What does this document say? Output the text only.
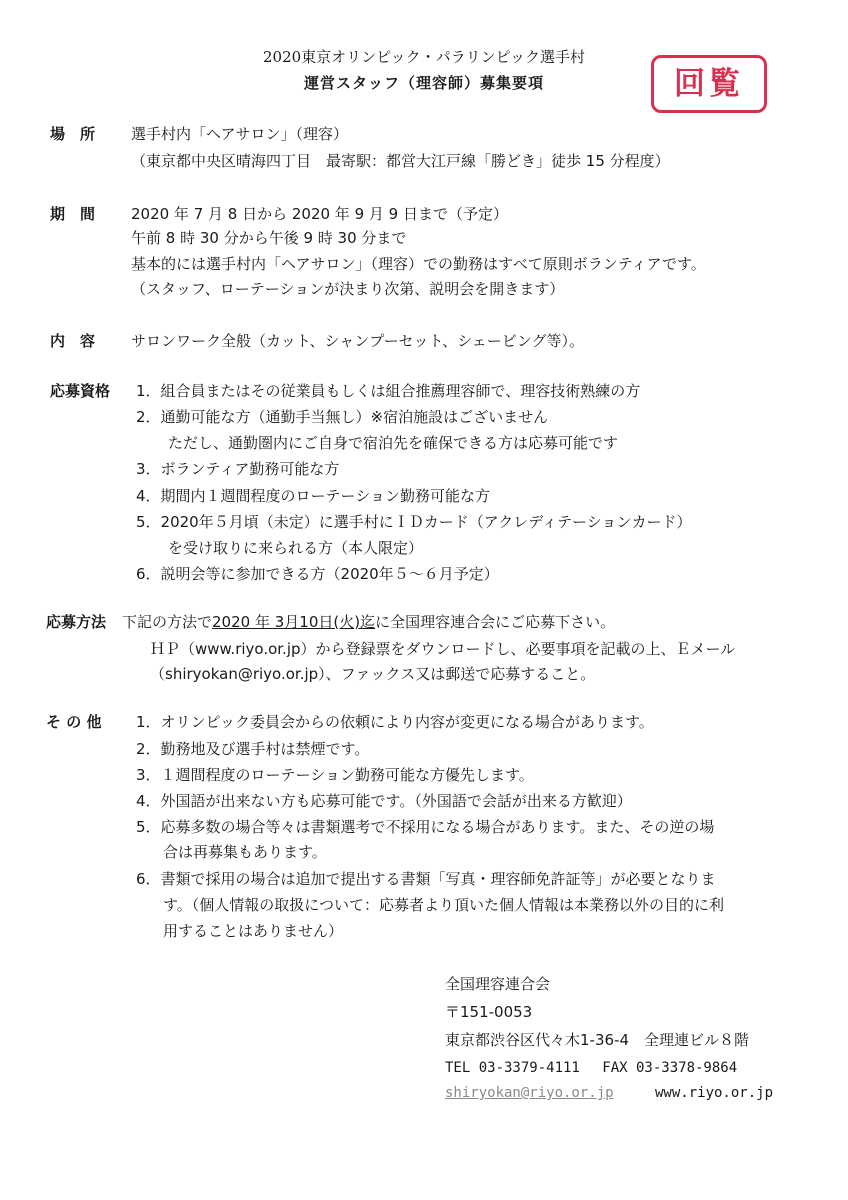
2020東京オリンピック・パラリンピック選手村
運営スタッフ（理容師）募集要項	回覧
場　所 選手村内「ヘアサロン」（理容）
（東京都中央区晴海四丁目　最寄駅：都営大江戸線「勝どき」徒歩 15 分程度）
期　間 2020 年 7 月 8 日から 2020 年 9 月 9 日まで（予定）
午前 8 時 30 分から午後 9 時 30 分まで
基本的には選手村内「ヘアサロン」（理容）での勤務はすべて原則ボランティアです。
（スタッフ、ローテーションが決まり次第、説明会を開きます）
内　容 サロンワーク全般（カット、シャンプーセット、シェービング等）。
応募資格 1．組合員またはその従業員もしくは組合推薦理容師で、理容技術熟練の方
2．通勤可能な方（通勤手当無し）※宿泊施設はございません
ただし、通勤圏内にご自身で宿泊先を確保できる方は応募可能です
3．ボランティア勤務可能な方
4．期間内１週間程度のローテーション勤務可能な方
5．2020年５月頃（未定）に選手村にＩＤカード（アクレディテーションカード）
を受け取りに来られる方（本人限定）
6．説明会等に参加できる方（2020年５～６月予定）
応募方法 下記の方法で2020 年 3月10日(火)迄に全国理容連合会にご応募下さい。
ＨＰ（www.riyo.or.jp）から登録票をダウンロードし、必要事項を記載の上、Ｅメール
（shiryokan@riyo.or.jp）、ファックス又は郵送で応募すること。
そ の 他 1．オリンピック委員会からの依頼により内容が変更になる場合があります。
2．勤務地及び選手村は禁煙です。
3．１週間程度のローテーション勤務可能な方優先します。
4．外国語が出来ない方も応募可能です。（外国語で会話が出来る方歓迎）
5．応募多数の場合等々は書類選考で不採用になる場合があります。また、その逆の場
合は再募集もあります。
6．書類で採用の場合は追加で提出する書類「写真・理容師免許証等」が必要となりま
す。（個人情報の取扱について：応募者より頂いた個人情報は本業務以外の目的に利
用することはありません）
全国理容連合会
〒151-0053
東京都渋谷区代々木1-36-4　全理連ビル８階
TEL 03-3379-4111　 FAX 03-3378-9864
shiryokan@riyo.or.jp	www.riyo.or.jp
